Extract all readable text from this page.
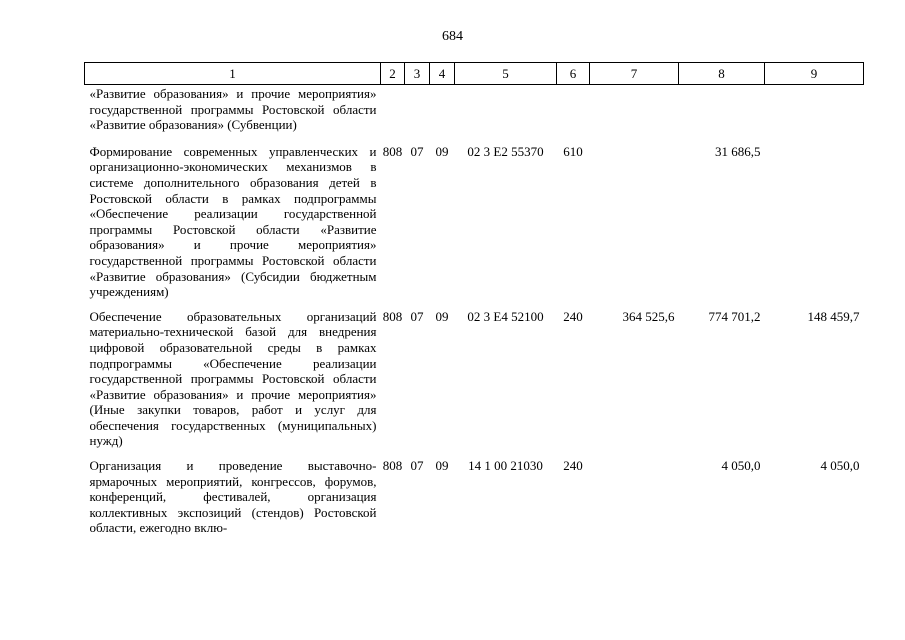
684
1	2	3	4	5	6	7	8	9
«Развитие образования» и прочие мероприятия» государственной программы Ростовской области «Развитие образования» (Субвенции)								
Формирование современных управленческих и организационно-экономических механизмов в системе дополнительного образования детей в Ростовской области в рамках подпрограммы «Обеспечение реализации государственной программы Ростовской области «Развитие образования» и прочие мероприятия» государственной программы Ростовской области «Развитие образования» (Субсидии бюджетным учреждениям)	808	07	09	02 3 E2 55370	610		31 686,5	
Обеспечение образовательных организаций материально-технической базой для внедрения цифровой образовательной среды в рамках подпрограммы «Обеспечение реализации государственной программы Ростовской области «Развитие образования» и прочие мероприятия» (Иные закупки товаров, работ и услуг для обеспечения государственных (муниципальных) нужд)	808	07	09	02 3 E4 52100	240	364 525,6	774 701,2	148 459,7
Организация и проведение выставочно-ярмарочных мероприятий, конгрессов, форумов, конференций, фестивалей, организация коллективных экспозиций (стендов) Ростовской области, ежегодно вклю-	808	07	09	14 1 00 21030	240		4 050,0	4 050,0
